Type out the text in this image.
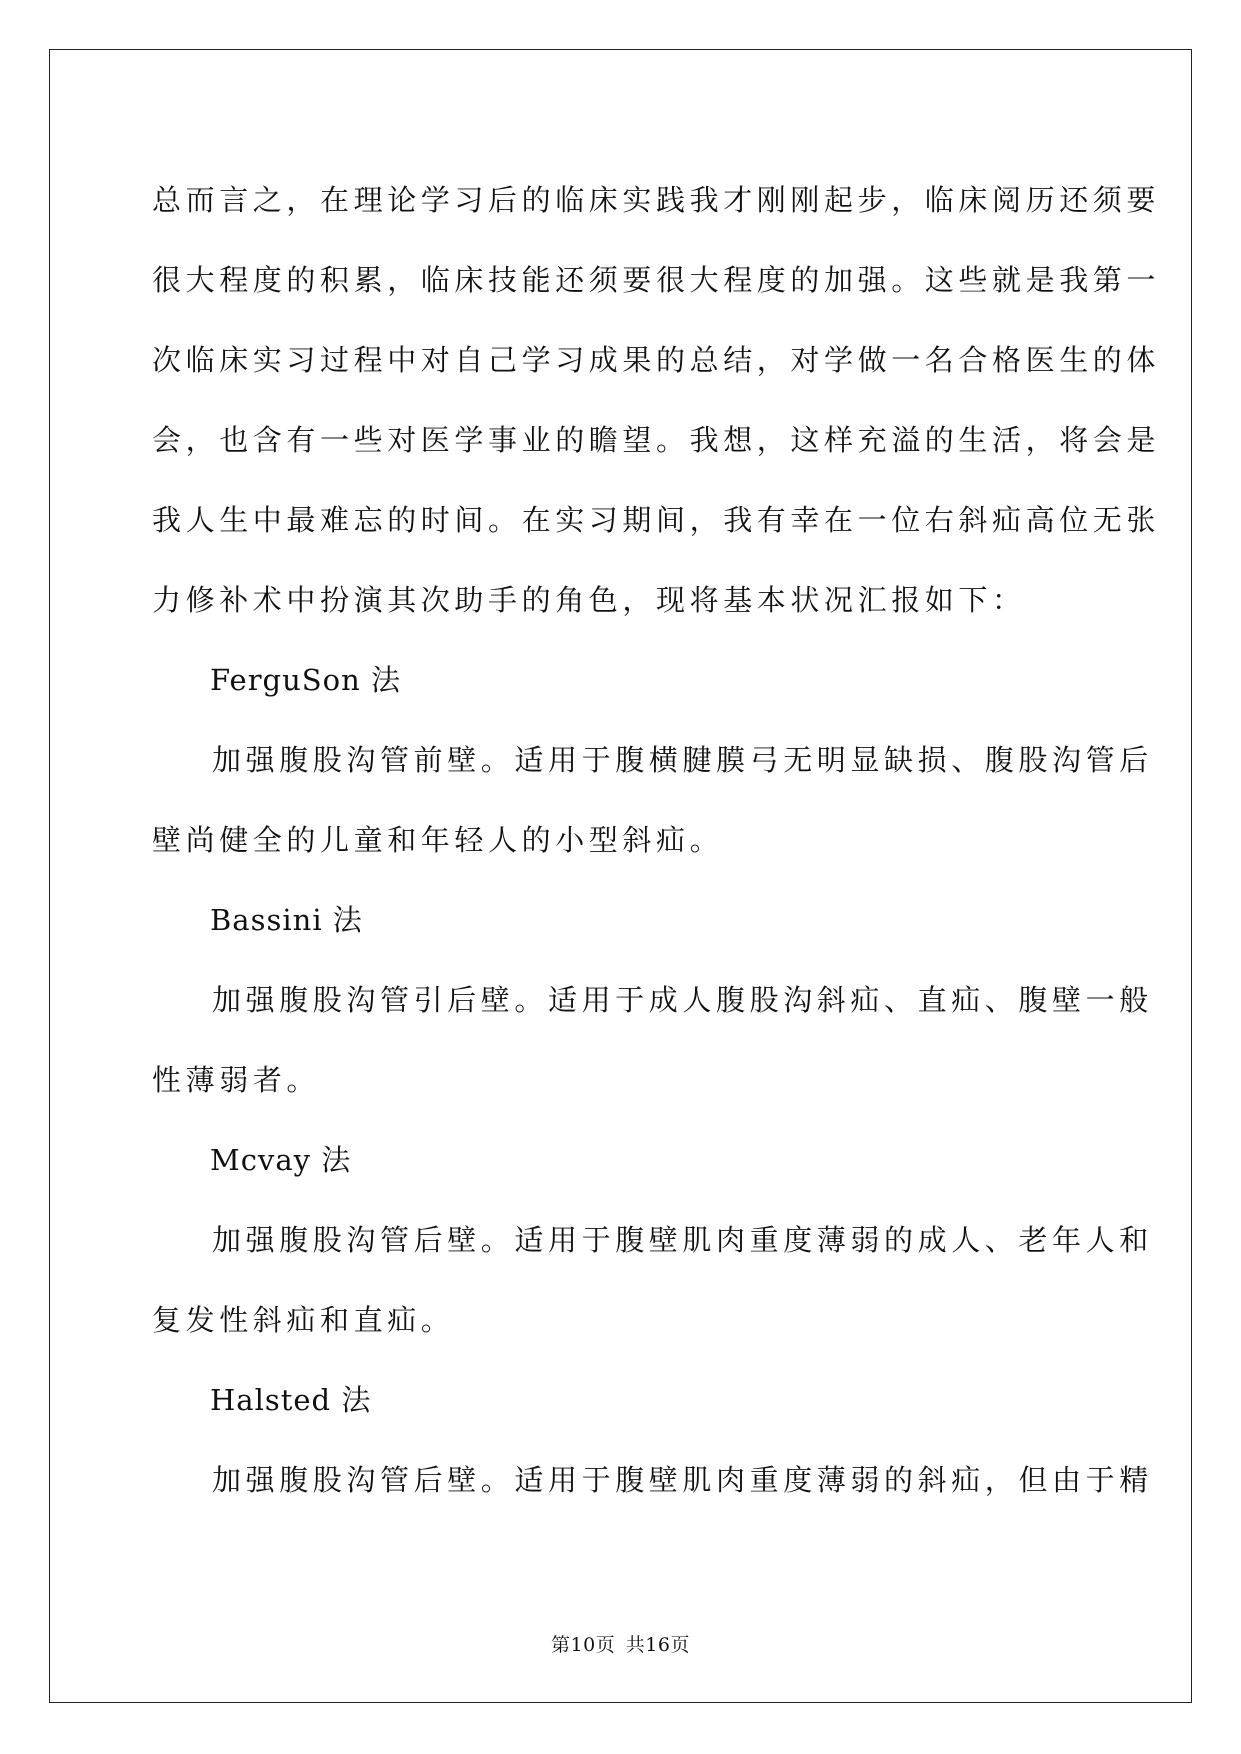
总而言之，在理论学习后的临床实践我才刚刚起步，临床阅历还须要
很大程度的积累，临床技能还须要很大程度的加强。这些就是我第一
次临床实习过程中对自己学习成果的总结，对学做一名合格医生的体
会，也含有一些对医学事业的瞻望。我想，这样充溢的生活，将会是
我人生中最难忘的时间。在实习期间，我有幸在一位右斜疝高位无张
力修补术中扮演其次助手的角色，现将基本状况汇报如下：
FerguSon 法
加强腹股沟管前壁。适用于腹横腱膜弓无明显缺损、腹股沟管后
壁尚健全的儿童和年轻人的小型斜疝。
Bassini 法
加强腹股沟管引后壁。适用于成人腹股沟斜疝、直疝、腹壁一般
性薄弱者。
Mcvay 法
加强腹股沟管后壁。适用于腹壁肌肉重度薄弱的成人、老年人和
复发性斜疝和直疝。
Halsted 法
加强腹股沟管后壁。适用于腹壁肌肉重度薄弱的斜疝，但由于精
第10页 共16页
